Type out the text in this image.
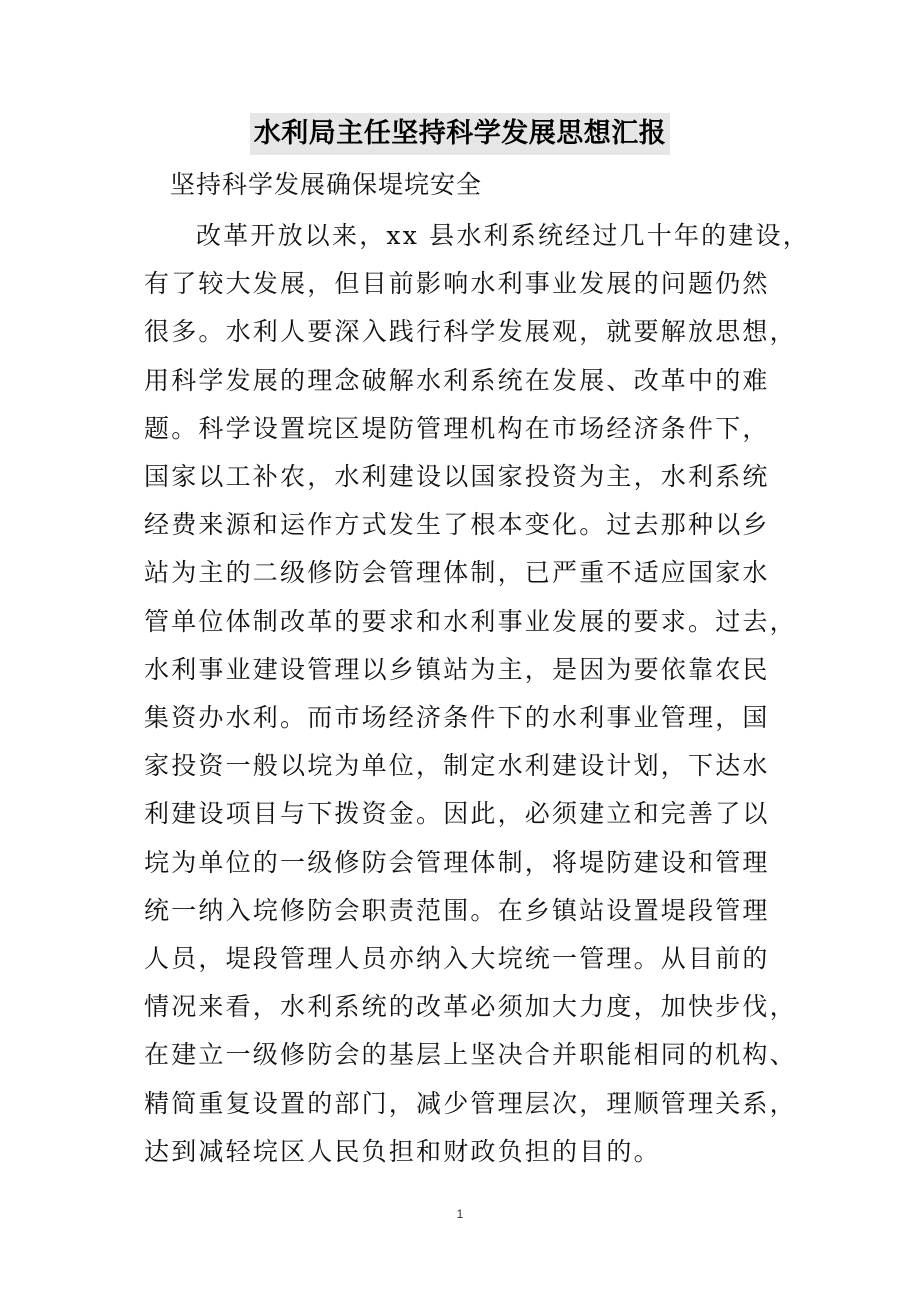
水利局主任坚持科学发展思想汇报
坚持科学发展确保堤垸安全
改革开放以来，xx 县水利系统经过几十年的建设，
有了较大发展，但目前影响水利事业发展的问题仍然
很多。水利人要深入践行科学发展观，就要解放思想，
用科学发展的理念破解水利系统在发展、改革中的难
题。科学设置垸区堤防管理机构在市场经济条件下，
国家以工补农，水利建设以国家投资为主，水利系统
经费来源和运作方式发生了根本变化。过去那种以乡
站为主的二级修防会管理体制，已严重不适应国家水
管单位体制改革的要求和水利事业发展的要求。过去，
水利事业建设管理以乡镇站为主，是因为要依靠农民
集资办水利。而市场经济条件下的水利事业管理，国
家投资一般以垸为单位，制定水利建设计划，下达水
利建设项目与下拨资金。因此，必须建立和完善了以
垸为单位的一级修防会管理体制，将堤防建设和管理
统一纳入垸修防会职责范围。在乡镇站设置堤段管理
人员，堤段管理人员亦纳入大垸统一管理。从目前的
情况来看，水利系统的改革必须加大力度，加快步伐，
在建立一级修防会的基层上坚决合并职能相同的机构、
精简重复设置的部门，减少管理层次，理顺管理关系，
达到减轻垸区人民负担和财政负担的目的。
1
